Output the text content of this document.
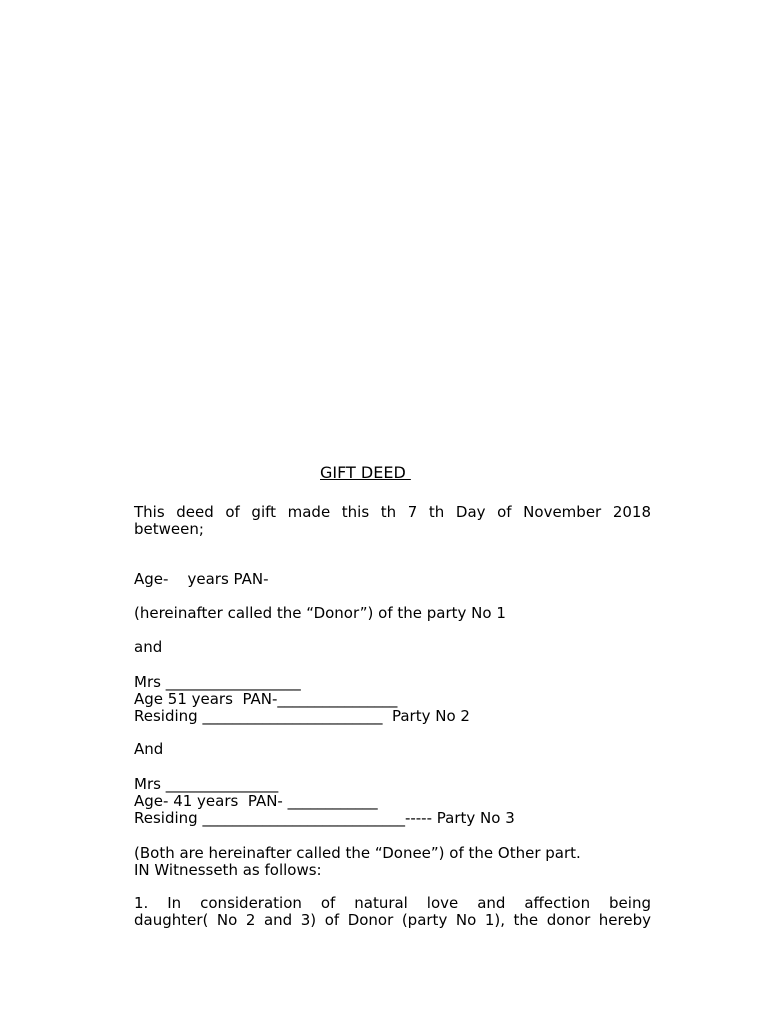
GIFT DEED
This deed of gift made this th 7 th Day of November 2018
between;
Age-    years PAN-
(hereinafter called the “Donor”) of the party No 1
and
Mrs __________________
Age 51 years  PAN-________________
Residing ________________________  Party No 2
And
Mrs _______________
Age- 41 years  PAN- ____________
Residing ___________________________----- Party No 3
(Both are hereinafter called the “Donee”) of the Other part.
IN Witnesseth as follows:
1. In consideration of natural love and affection being
daughter( No 2 and 3) of Donor (party No 1), the donor hereby
